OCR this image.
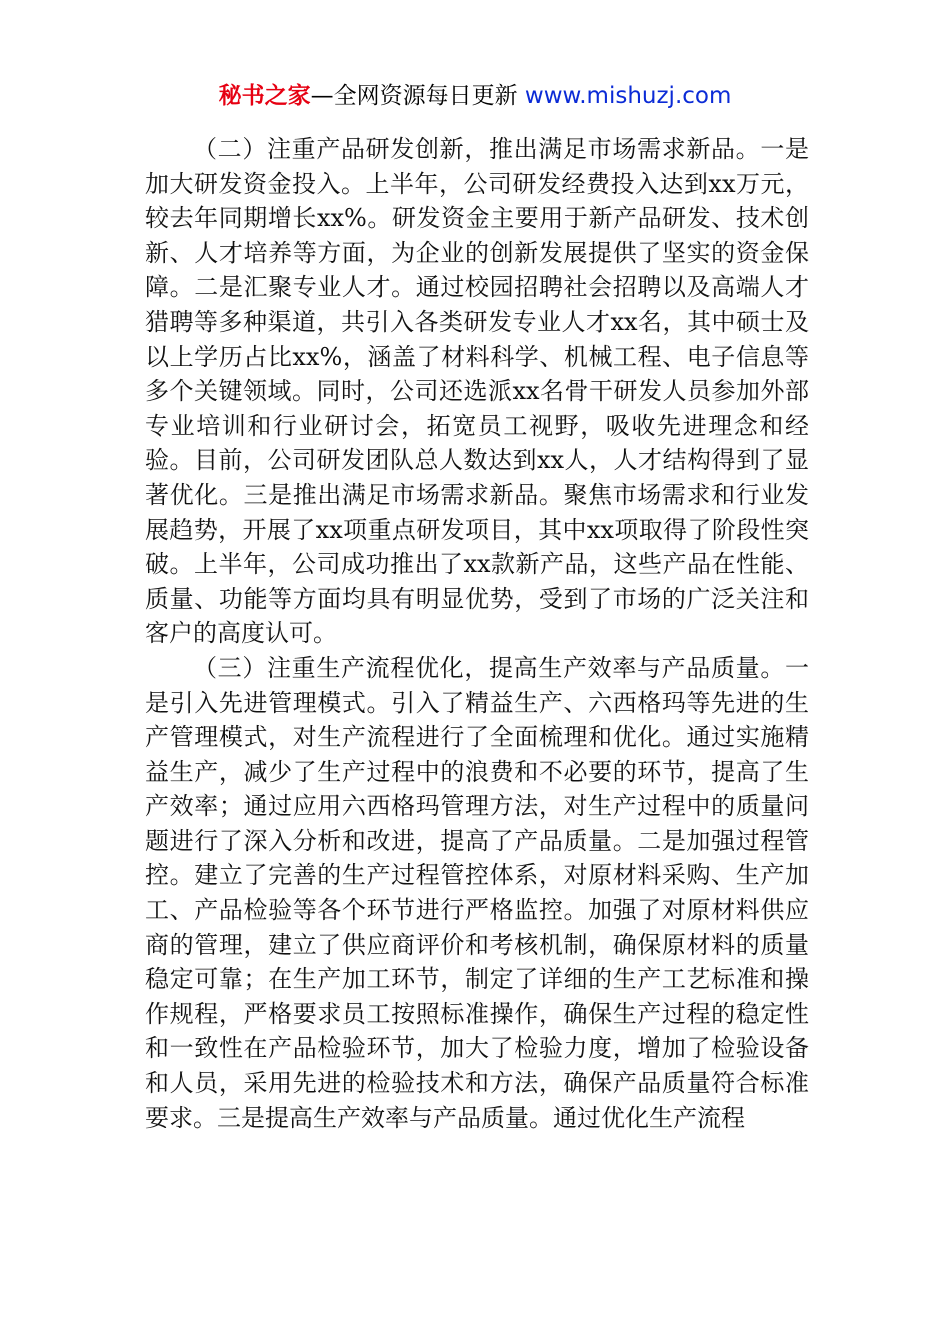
秘书之家—全网资源每日更新 www.mishuzj.com

（二）注重产品研发创新，推出满足市场需求新品。一是加大研发资金投入。上半年，公司研发经费投入达到xx万元，较去年同期增长xx%。研发资金主要用于新产品研发、技术创新、人才培养等方面，为企业的创新发展提供了坚实的资金保障。二是汇聚专业人才。通过校园招聘社会招聘以及高端人才猎聘等多种渠道，共引入各类研发专业人才xx名，其中硕士及以上学历占比xx%，涵盖了材料科学、机械工程、电子信息等多个关键领域。同时，公司还选派xx名骨干研发人员参加外部专业培训和行业研讨会，拓宽员工视野，吸收先进理念和经验。目前，公司研发团队总人数达到xx人，人才结构得到了显著优化。三是推出满足市场需求新品。聚焦市场需求和行业发展趋势，开展了xx项重点研发项目，其中xx项取得了阶段性突破。上半年，公司成功推出了xx款新产品，这些产品在性能、质量、功能等方面均具有明显优势，受到了市场的广泛关注和客户的高度认可。

（三）注重生产流程优化，提高生产效率与产品质量。一是引入先进管理模式。引入了精益生产、六西格玛等先进的生产管理模式，对生产流程进行了全面梳理和优化。通过实施精益生产，减少了生产过程中的浪费和不必要的环节，提高了生产效率；通过应用六西格玛管理方法，对生产过程中的质量问题进行了深入分析和改进，提高了产品质量。二是加强过程管控。建立了完善的生产过程管控体系，对原材料采购、生产加工、产品检验等各个环节进行严格监控。加强了对原材料供应商的管理，建立了供应商评价和考核机制，确保原材料的质量稳定可靠；在生产加工环节，制定了详细的生产工艺标准和操作规程，严格要求员工按照标准操作，确保生产过程的稳定性和一致性在产品检验环节，加大了检验力度，增加了检验设备和人员，采用先进的检验技术和方法，确保产品质量符合标准要求。三是提高生产效率与产品质量。通过优化生产流程
